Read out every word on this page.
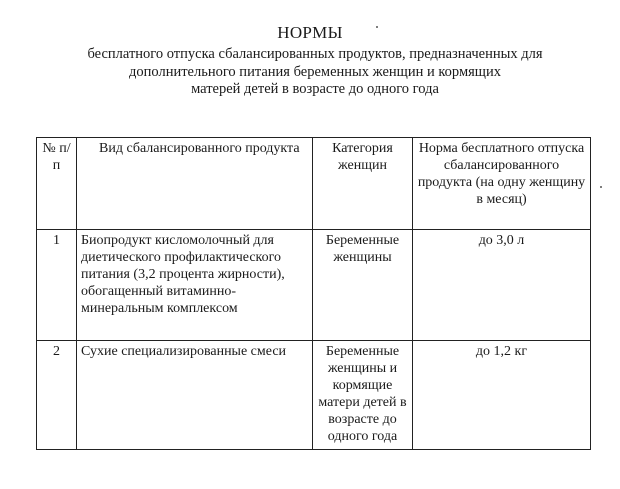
НОРМЫ
бесплатного отпуска сбалансированных продуктов, предназначенных для
дополнительного питания беременных женщин и кормящих
матерей детей в возрасте до одного года
№ п/п	Вид сбалансированного продукта	Категория женщин	Норма бесплатного отпуска сбалансированного продукта (на одну женщину в месяц)
1	Биопродукт кисломолочный для диетического профилактического питания (3,2 процента жирности), обогащенный витаминно-минеральным комплексом	Беременные женщины	до 3,0 л
2	Сухие специализированные смеси	Беременные женщины и кормящие матери детей в возрасте до одного года	до 1,2 кг
